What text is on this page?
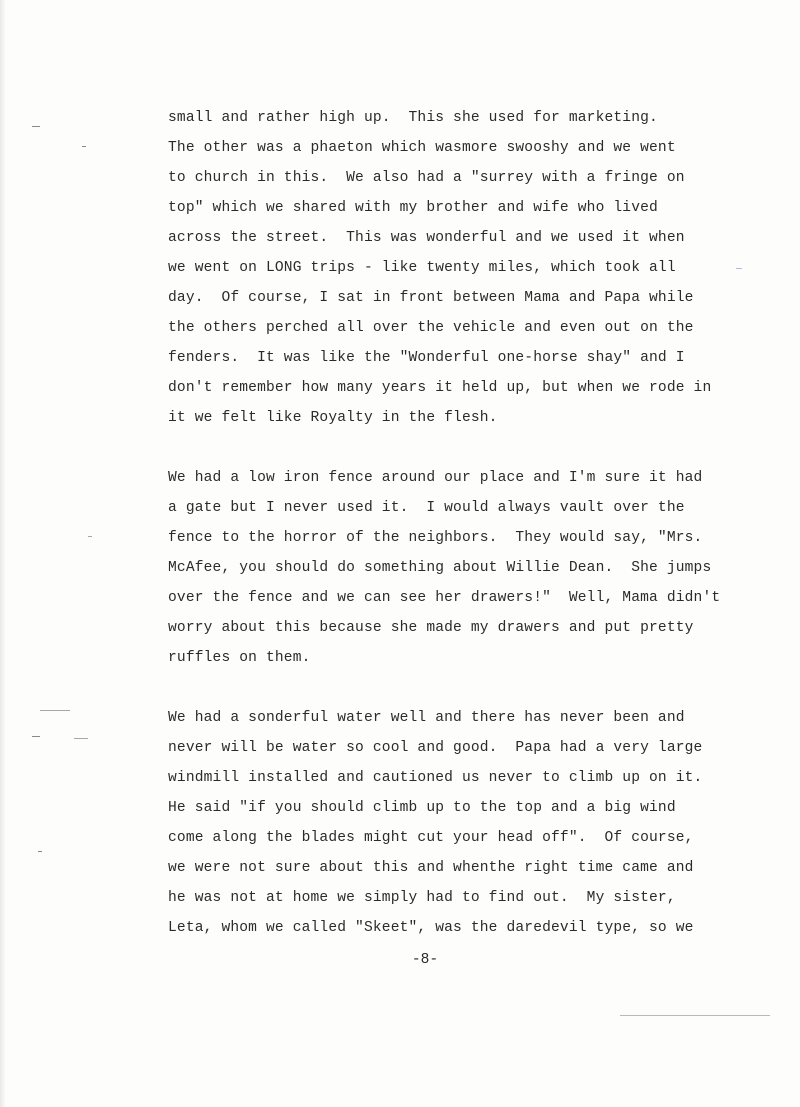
small and rather high up.  This she used for marketing.
The other was a phaeton which wasmore swooshy and we went
to church in this.  We also had a "surrey with a fringe on
top" which we shared with my brother and wife who lived
across the street.  This was wonderful and we used it when
we went on LONG trips - like twenty miles, which took all
day.  Of course, I sat in front between Mama and Papa while
the others perched all over the vehicle and even out on the
fenders.  It was like the "Wonderful one-horse shay" and I
don't remember how many years it held up, but when we rode in
it we felt like Royalty in the flesh.
We had a low iron fence around our place and I'm sure it had
a gate but I never used it.  I would always vault over the
fence to the horror of the neighbors.  They would say, "Mrs.
McAfee, you should do something about Willie Dean.  She jumps
over the fence and we can see her drawers!"  Well, Mama didn't
worry about this because she made my drawers and put pretty
ruffles on them.
We had a sonderful water well and there has never been and
never will be water so cool and good.  Papa had a very large
windmill installed and cautioned us never to climb up on it.
He said "if you should climb up to the top and a big wind
come along the blades might cut your head off".  Of course,
we were not sure about this and whenthe right time came and
he was not at home we simply had to find out.  My sister,
Leta, whom we called "Skeet", was the daredevil type, so we
-8-
